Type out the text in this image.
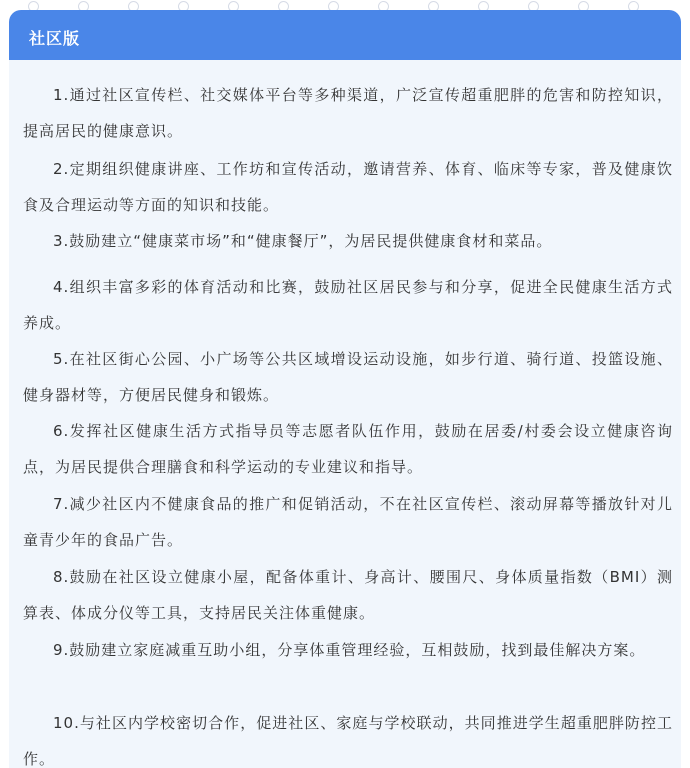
社区版

1.通过社区宣传栏、社交媒体平台等多种渠道，广泛宣传超重肥胖的危害和防控知识，提高居民的健康意识。

2.定期组织健康讲座、工作坊和宣传活动，邀请营养、体育、临床等专家，普及健康饮食及合理运动等方面的知识和技能。

3.鼓励建立“健康菜市场”和“健康餐厅”，为居民提供健康食材和菜品。

4.组织丰富多彩的体育活动和比赛，鼓励社区居民参与和分享，促进全民健康生活方式养成。

5.在社区街心公园、小广场等公共区域增设运动设施，如步行道、骑行道、投篮设施、健身器材等，方便居民健身和锻炼。

6.发挥社区健康生活方式指导员等志愿者队伍作用，鼓励在居委/村委会设立健康咨询点，为居民提供合理膳食和科学运动的专业建议和指导。

7.减少社区内不健康食品的推广和促销活动，不在社区宣传栏、滚动屏幕等播放针对儿童青少年的食品广告。

8.鼓励在社区设立健康小屋，配备体重计、身高计、腰围尺、身体质量指数（BMI）测算表、体成分仪等工具，支持居民关注体重健康。

9.鼓励建立家庭减重互助小组，分享体重管理经验，互相鼓励，找到最佳解决方案。

10.与社区内学校密切合作，促进社区、家庭与学校联动，共同推进学生超重肥胖防控工作。
